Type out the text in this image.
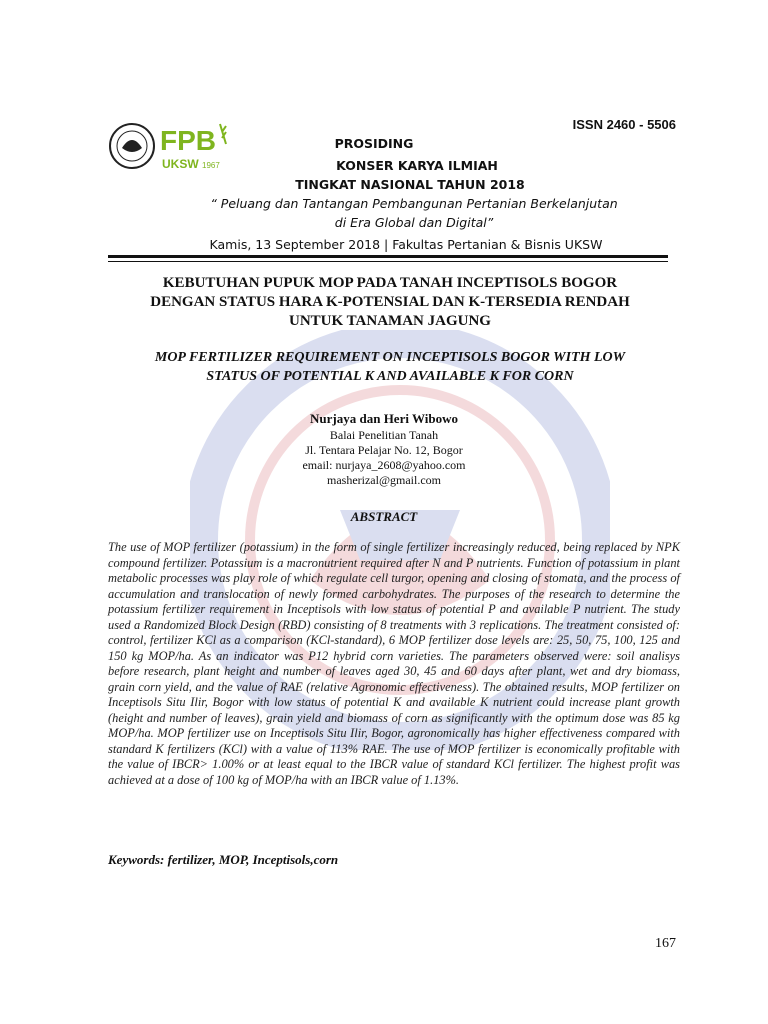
ISSN 2460 - 5506
FPB
UKSW 1967
PROSIDING
KONSER KARYA ILMIAH
TINGKAT NASIONAL TAHUN 2018
“ Peluang dan Tantangan Pembangunan Pertanian Berkelanjutan
di Era Global dan Digital”
Kamis, 13 September 2018 | Fakultas Pertanian & Bisnis UKSW
KEBUTUHAN PUPUK MOP PADA TANAH INCEPTISOLS BOGOR
DENGAN STATUS HARA K-POTENSIAL DAN K-TERSEDIA RENDAH
UNTUK TANAMAN JAGUNG
MOP FERTILIZER REQUIREMENT ON INCEPTISOLS BOGOR WITH LOW
STATUS OF POTENTIAL K AND AVAILABLE K FOR CORN
Nurjaya dan Heri Wibowo
Balai Penelitian Tanah
Jl. Tentara Pelajar No. 12, Bogor
email: nurjaya_2608@yahoo.com
masherizal@gmail.com
ABSTRACT
The use of MOP fertilizer (potassium) in the form of single fertilizer increasingly reduced, being replaced by NPK compound fertilizer. Potassium is a macronutrient required after N and P nutrients. Function of potassium in plant metabolic processes was play role of which regulate cell turgor, opening and closing of stomata, and the process of accumulation and translocation of newly formed carbohydrates. The purposes of the research to determine the potassium fertilizer requirement in Inceptisols with low status of potential P and available P nutrient. The study used a Randomized Block Design (RBD) consisting of 8 treatments with 3 replications. The treatment consisted of: control, fertilizer KCl as a comparison (KCl-standard), 6 MOP fertilizer dose levels are: 25, 50, 75, 100, 125 and 150 kg MOP/ha. As an indicator was P12 hybrid corn varieties. The parameters observed were: soil analisys before research, plant height and number of leaves aged 30, 45 and 60 days after plant, wet and dry biomass, grain corn yield, and the value of RAE (relative Agronomic effectiveness). The obtained results, MOP fertilizer on Inceptisols Situ Ilir, Bogor with low status of potential K and available K nutrient could increase plant growth (height and number of leaves), grain yield and biomass of corn as significantly with the optimum dose was 85 kg MOP/ha. MOP fertilizer use on Inceptisols Situ Ilir, Bogor, agronomically has higher effectiveness compared with standard K fertilizers (KCl) with a value of 113% RAE. The use of MOP fertilizer is economically profitable with the value of IBCR> 1.00% or at least equal to the IBCR value of standard KCl fertilizer. The highest profit was achieved at a dose of 100 kg of MOP/ha with an IBCR value of 1.13%.
Keywords: fertilizer, MOP, Inceptisols,corn
167
